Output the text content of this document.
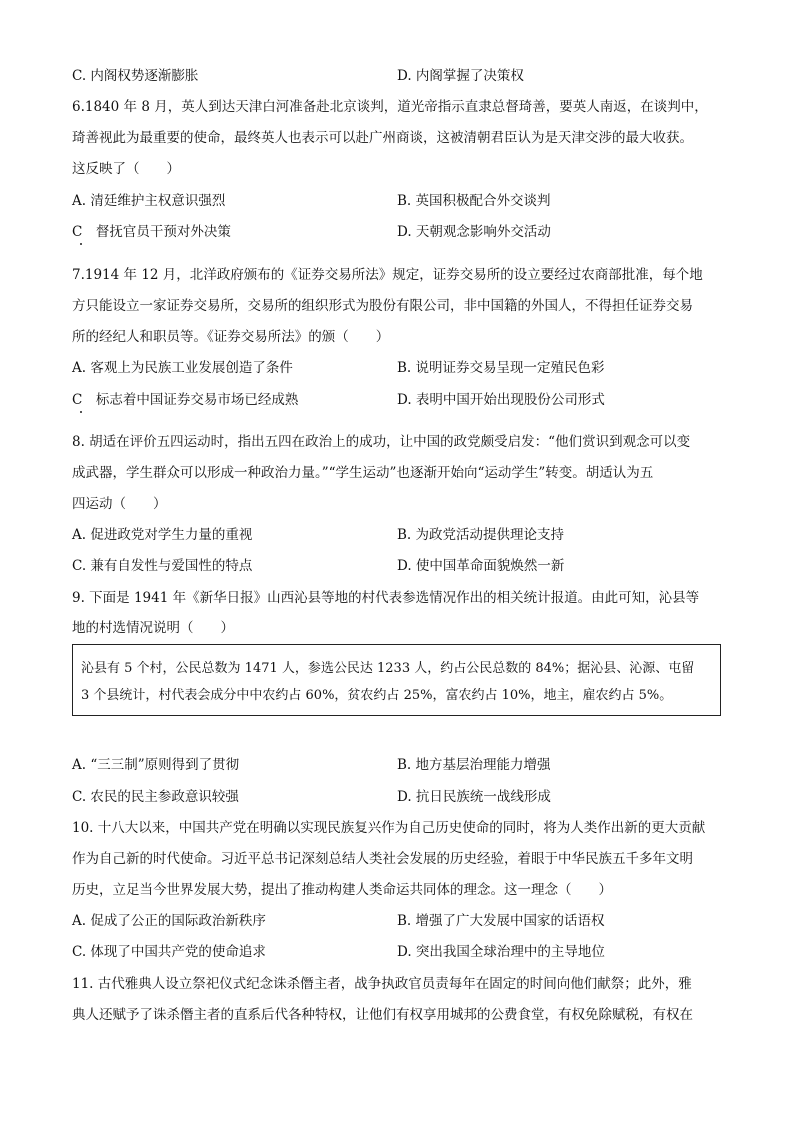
C. 内阁权势逐渐膨胀	D. 内阁掌握了决策权
6.1840 年 8 月，英人到达天津白河准备赴北京谈判，道光帝指示直隶总督琦善，要英人南返，在谈判中，
琦善视此为最重要的使命，最终英人也表示可以赴广州商谈，这被清朝君臣认为是天津交涉的最大收获。
这反映了（　　）
A. 清廷维护主权意识强烈	B. 英国积极配合外交谈判
C　督抚官员干预对外决策	D. 天朝观念影响外交活动
7.1914 年 12 月，北洋政府颁布的《证券交易所法》规定，证券交易所的设立要经过农商部批准，每个地
方只能设立一家证券交易所，交易所的组织形式为股份有限公司，非中国籍的外国人，不得担任证券交易
所的经纪人和职员等。《证券交易所法》的颁（　　）
A. 客观上为民族工业发展创造了条件	B. 说明证券交易呈现一定殖民色彩
C　标志着中国证券交易市场已经成熟	D. 表明中国开始出现股份公司形式
8. 胡适在评价五四运动时，指出五四在政治上的成功，让中国的政党颇受启发：“他们赏识到观念可以变
成武器，学生群众可以形成一种政治力量。”“学生运动”也逐渐开始向“运动学生”转变。胡适认为五
四运动（　　）
A. 促进政党对学生力量的重视	B. 为政党活动提供理论支持
C. 兼有自发性与爱国性的特点	D. 使中国革命面貌焕然一新
9. 下面是 1941 年《新华日报》山西沁县等地的村代表参选情况作出的相关统计报道。由此可知，沁县等
地的村选情况说明（　　）
沁县有 5 个村，公民总数为 1471 人，参选公民达 1233 人，约占公民总数的 84%；据沁县、沁源、屯留
3 个县统计，村代表会成分中中农约占 60%，贫农约占 25%，富农约占 10%，地主，雇农约占 5%。
A. “三三制”原则得到了贯彻	B. 地方基层治理能力增强
C. 农民的民主参政意识较强	D. 抗日民族统一战线形成
10. 十八大以来，中国共产党在明确以实现民族复兴作为自己历史使命的同时，将为人类作出新的更大贡献
作为自己新的时代使命。习近平总书记深刻总结人类社会发展的历史经验，着眼于中华民族五千多年文明
历史，立足当今世界发展大势，提出了推动构建人类命运共同体的理念。这一理念（　　）
A. 促成了公正的国际政治新秩序	B. 增强了广大发展中国家的话语权
C. 体现了中国共产党的使命追求	D. 突出我国全球治理中的主导地位
11. 古代雅典人设立祭祀仪式纪念诛杀僭主者，战争执政官员责每年在固定的时间向他们献祭；此外，雅
典人还赋予了诛杀僭主者的直系后代各种特权，让他们有权享用城邦的公费食堂，有权免除赋税，有权在
